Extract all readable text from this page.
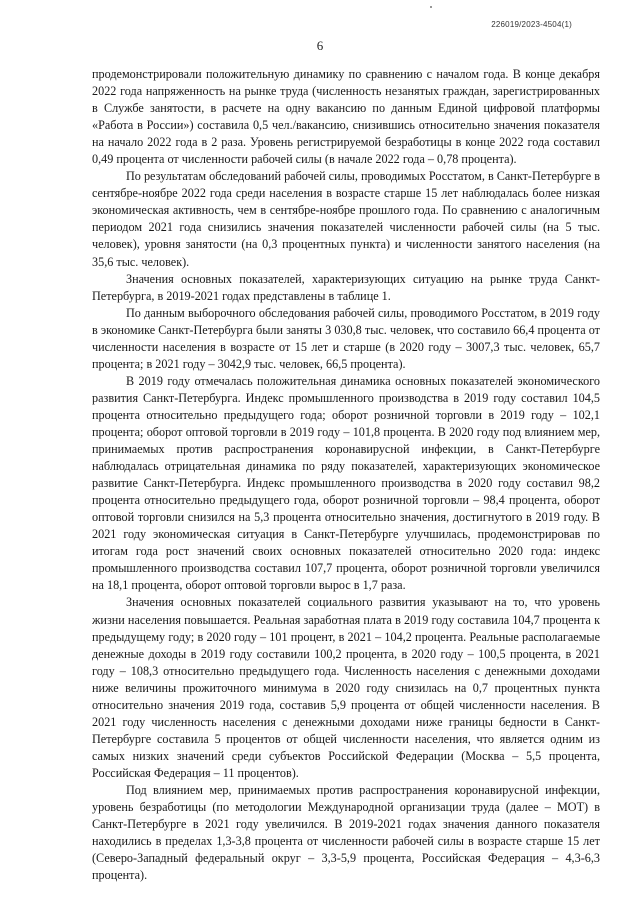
226019/2023-4504(1)
6

продемонстрировали положительную динамику по сравнению с началом года. В конце декабря 2022 года напряженность на рынке труда (численность незанятых граждан, зарегистрированных в Службе занятости, в расчете на одну вакансию по данным Единой цифровой платформы «Работа в России») составила 0,5 чел./вакансию, снизившись относительно значения показателя на начало 2022 года в 2 раза. Уровень регистрируемой безработицы в конце 2022 года составил 0,49 процента от численности рабочей силы (в начале 2022 года – 0,78 процента).

По результатам обследований рабочей силы, проводимых Росстатом, в Санкт-Петербурге в сентябре-ноябре 2022 года среди населения в возрасте старше 15 лет наблюдалась более низкая экономическая активность, чем в сентябре-ноябре прошлого года. По сравнению с аналогичным периодом 2021 года снизились значения показателей численности рабочей силы (на 5 тыс. человек), уровня занятости (на 0,3 процентных пункта) и численности занятого населения (на 35,6 тыс. человек).

Значения основных показателей, характеризующих ситуацию на рынке труда Санкт-Петербурга, в 2019-2021 годах представлены в таблице 1.

По данным выборочного обследования рабочей силы, проводимого Росстатом, в 2019 году в экономике Санкт-Петербурга были заняты 3 030,8 тыс. человек, что составило 66,4 процента от численности населения в возрасте от 15 лет и старше (в 2020 году – 3007,3 тыс. человек, 65,7 процента; в 2021 году – 3042,9 тыс. человек, 66,5 процента).

В 2019 году отмечалась положительная динамика основных показателей экономического развития Санкт-Петербурга. Индекс промышленного производства в 2019 году составил 104,5 процента относительно предыдущего года; оборот розничной торговли в 2019 году – 102,1 процента; оборот оптовой торговли в 2019 году – 101,8 процента. В 2020 году под влиянием мер, принимаемых против распространения коронавирусной инфекции, в Санкт-Петербурге наблюдалась отрицательная динамика по ряду показателей, характеризующих экономическое развитие Санкт-Петербурга. Индекс промышленного производства в 2020 году составил 98,2 процента относительно предыдущего года, оборот розничной торговли – 98,4 процента, оборот оптовой торговли снизился на 5,3 процента относительно значения, достигнутого в 2019 году. В 2021 году экономическая ситуация в Санкт-Петербурге улучшилась, продемонстрировав по итогам года рост значений своих основных показателей относительно 2020 года: индекс промышленного производства составил 107,7 процента, оборот розничной торговли увеличился на 18,1 процента, оборот оптовой торговли вырос в 1,7 раза.

Значения основных показателей социального развития указывают на то, что уровень жизни населения повышается. Реальная заработная плата в 2019 году составила 104,7 процента к предыдущему году; в 2020 году – 101 процент, в 2021 – 104,2 процента. Реальные располагаемые денежные доходы в 2019 году составили 100,2 процента, в 2020 году – 100,5 процента, в 2021 году – 108,3 относительно предыдущего года. Численность населения с денежными доходами ниже величины прожиточного минимума в 2020 году снизилась на 0,7 процентных пункта относительно значения 2019 года, составив 5,9 процента от общей численности населения. В 2021 году численность населения с денежными доходами ниже границы бедности в Санкт-Петербурге составила 5 процентов от общей численности населения, что является одним из самых низких значений среди субъектов Российской Федерации (Москва – 5,5 процента, Российская Федерация – 11 процентов).

Под влиянием мер, принимаемых против распространения коронавирусной инфекции, уровень безработицы (по методологии Международной организации труда (далее – МОТ) в Санкт-Петербурге в 2021 году увеличился. В 2019-2021 годах значения данного показателя находились в пределах 1,3-3,8 процента от численности рабочей силы в возрасте старше 15 лет (Северо-Западный федеральный округ – 3,3-5,9 процента, Российская Федерация – 4,3-6,3 процента).
